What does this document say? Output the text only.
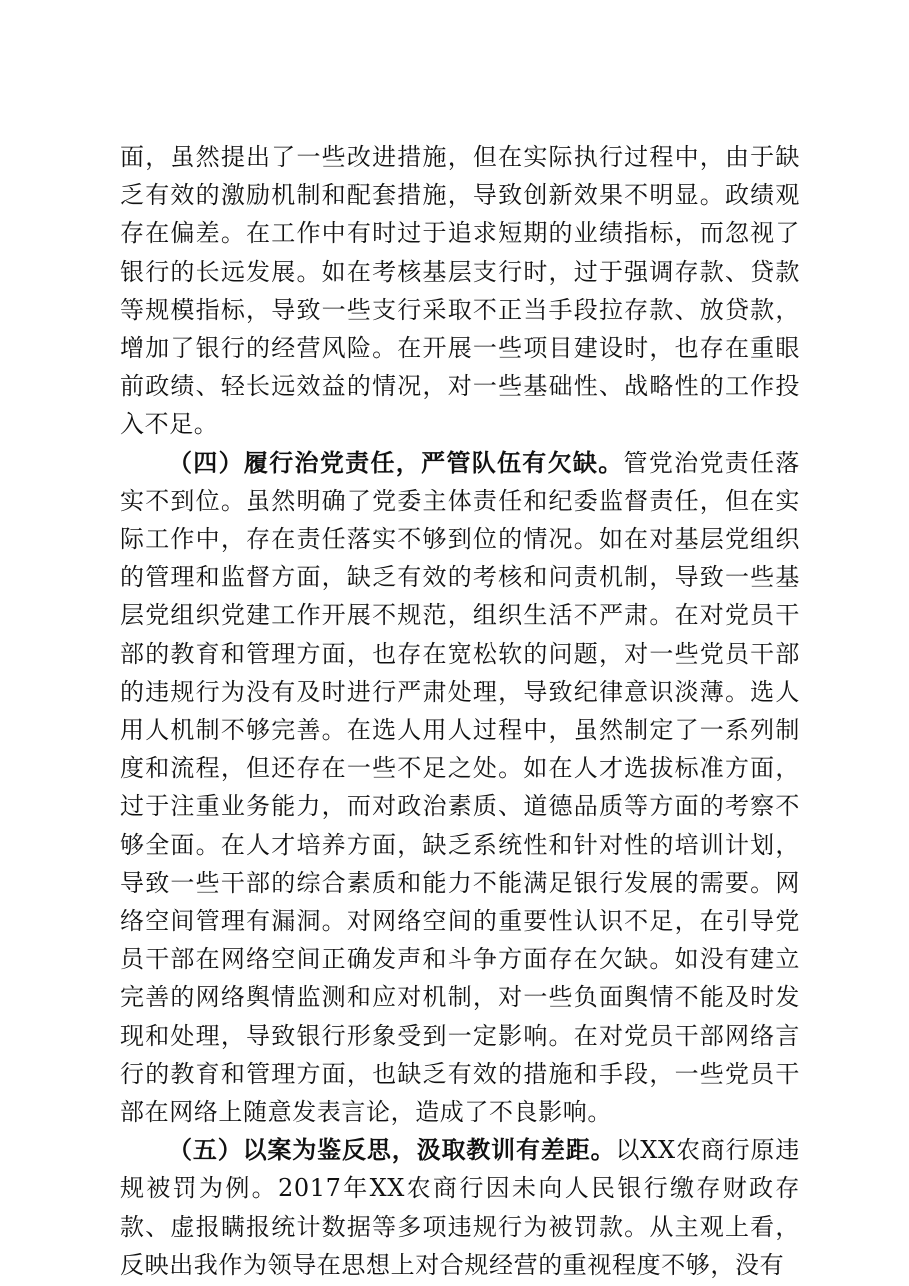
面，虽然提出了一些改进措施，但在实际执行过程中，由于缺乏有效的激励机制和配套措施，导致创新效果不明显。政绩观存在偏差。在工作中有时过于追求短期的业绩指标，而忽视了银行的长远发展。如在考核基层支行时，过于强调存款、贷款等规模指标，导致一些支行采取不正当手段拉存款、放贷款，增加了银行的经营风险。在开展一些项目建设时，也存在重眼前政绩、轻长远效益的情况，对一些基础性、战略性的工作投入不足。

（四）履行治党责任，严管队伍有欠缺。管党治党责任落实不到位。虽然明确了党委主体责任和纪委监督责任，但在实际工作中，存在责任落实不够到位的情况。如在对基层党组织的管理和监督方面，缺乏有效的考核和问责机制，导致一些基层党组织党建工作开展不规范，组织生活不严肃。在对党员干部的教育和管理方面，也存在宽松软的问题，对一些党员干部的违规行为没有及时进行严肃处理，导致纪律意识淡薄。选人用人机制不够完善。在选人用人过程中，虽然制定了一系列制度和流程，但还存在一些不足之处。如在人才选拔标准方面，过于注重业务能力，而对政治素质、道德品质等方面的考察不够全面。在人才培养方面，缺乏系统性和针对性的培训计划，导致一些干部的综合素质和能力不能满足银行发展的需要。网络空间管理有漏洞。对网络空间的重要性认识不足，在引导党员干部在网络空间正确发声和斗争方面存在欠缺。如没有建立完善的网络舆情监测和应对机制，对一些负面舆情不能及时发现和处理，导致银行形象受到一定影响。在对党员干部网络言行的教育和管理方面，也缺乏有效的措施和手段，一些党员干部在网络上随意发表言论，造成了不良影响。

（五）以案为鉴反思，汲取教训有差距。以XX农商行原违规被罚为例。2017年XX农商行因未向人民银行缴存财政存款、虚报瞒报统计数据等多项违规行为被罚款。从主观上看，反映出我作为领导在思想上对合规经营的重视程度不够，没有
